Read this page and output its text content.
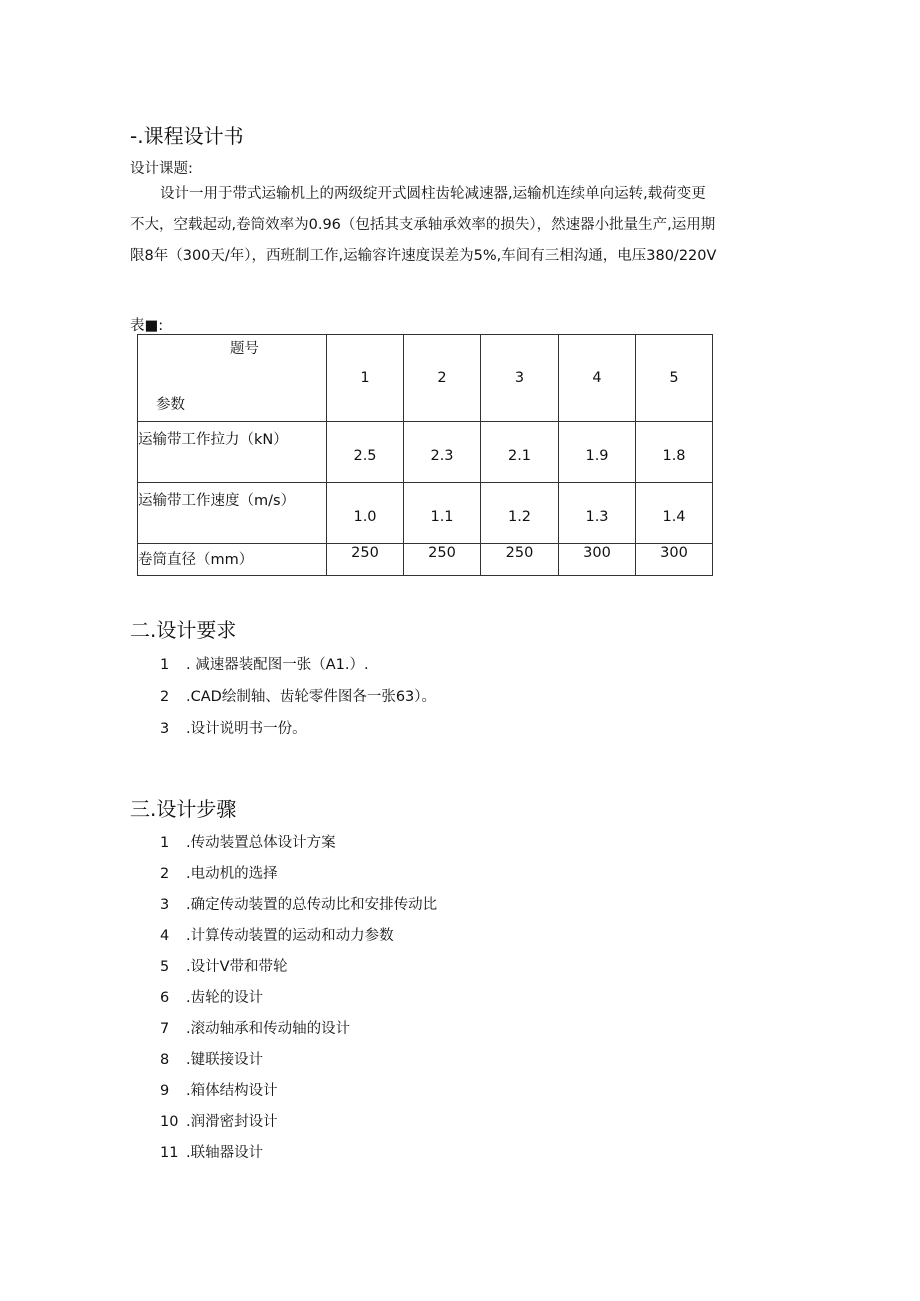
-.课程设计书
设计课题:
设计一用于带式运输机上的两级绽开式圆柱齿轮减速器,运输机连续单向运转,载荷变更不大，空载起动,卷筒效率为0.96（包括其支承轴承效率的损失），然速器小批量生产,运用期限8年（300天/年），西班制工作,运输容许速度误差为5%,车间有三相沟通，电压380/220V
表■:
题号
参数	1	2	3	4	5
运输带工作拉力（kN）	2.5	2.3	2.1	1.9	1.8
运输带工作速度（m/s）	1.0	1.1	1.2	1.3	1.4
卷筒直径（mm）	250	250	250	300	300
二.设计要求
1 . 减速器装配图一张（A1.）.
2 .CAD绘制轴、齿轮零件图各一张63）。
3 .设计说明书一份。
三.设计步骤
1 .传动装置总体设计方案
2 .电动机的选择
3 .确定传动装置的总传动比和安排传动比
4 .计算传动装置的运动和动力参数
5 .设计V带和带轮
6 .齿轮的设计
7 .滚动轴承和传动轴的设计
8 .键联接设计
9 .箱体结构设计
10 .润滑密封设计
11 .联轴器设计
